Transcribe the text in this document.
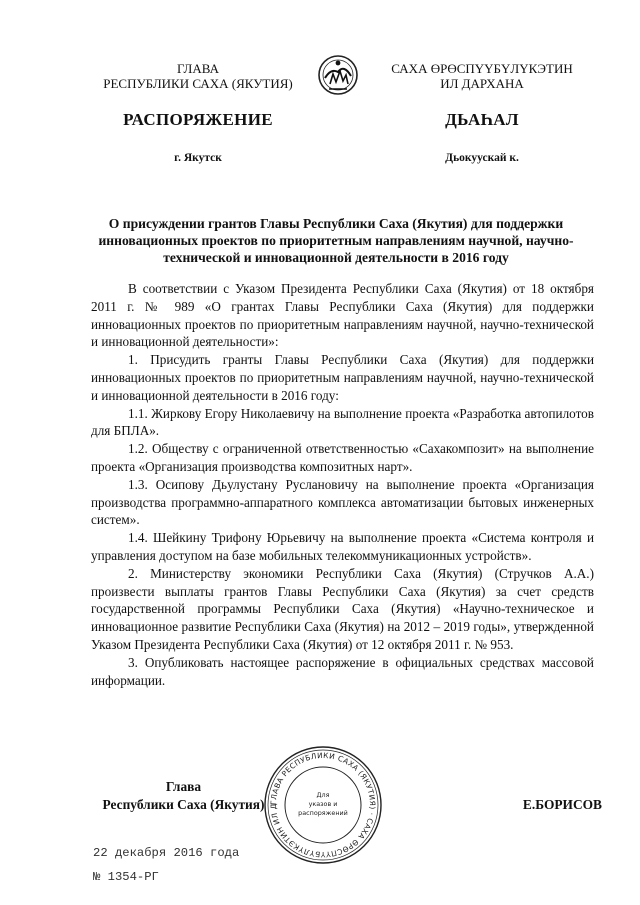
ГЛАВА
РЕСПУБЛИКИ САХА (ЯКУТИЯ)
САХА ӨРӨСПҮҮБҮЛҮКЭТИН
ИЛ ДАРХАНА
РАСПОРЯЖЕНИЕ	ДЬАҺАЛ
г. Якутск	Дьокуускай к.
О присуждении грантов Главы Республики Саха (Якутия) для поддержки инновационных проектов по приоритетным направлениям научной, научно-технической и инновационной деятельности в 2016 году

В соответствии с Указом Президента Республики Саха (Якутия) от 18 октября 2011 г. № 989 «О грантах Главы Республики Саха (Якутия) для поддержки инновационных проектов по приоритетным направлениям научной, научно-технической и инновационной деятельности»:

1. Присудить гранты Главы Республики Саха (Якутия) для поддержки инновационных проектов по приоритетным направлениям научной, научно-технической и инновационной деятельности в 2016 году:

1.1. Жиркову Егору Николаевичу на выполнение проекта «Разработка автопилотов для БПЛА».

1.2. Обществу с ограниченной ответственностью «Сахакомпозит» на выполнение проекта «Организация производства композитных нарт».

1.3. Осипову Дьулустану Руслановичу на выполнение проекта «Организация производства программно-аппаратного комплекса автоматизации бытовых инженерных систем».

1.4. Шейкину Трифону Юрьевичу на выполнение проекта «Система контроля и управления доступом на базе мобильных телекоммуникационных устройств».

2. Министерству экономики Республики Саха (Якутия) (Стручков А.А.) произвести выплаты грантов Главы Республики Саха (Якутия) за счет средств государственной программы Республики Саха (Якутия) «Научно-техническое и инновационное развитие Республики Саха (Якутия) на 2012 – 2019 годы», утвержденной Указом Президента Республики Саха (Якутия) от 12 октября 2011 г. № 953.

3. Опубликовать настоящее распоряжение в официальных средствах массовой информации.

Глава
Республики Саха (Якутия)	Е.БОРИСОВ
ГЛАВА РЕСПУБЛИКИ САХА (ЯКУТИЯ) · САХА ӨРӨСПҮҮБҮЛҮКЭТИН ИЛ Д
Для
указов и
распоряжений
22 декабря 2016 года
№ 1354-РГ
